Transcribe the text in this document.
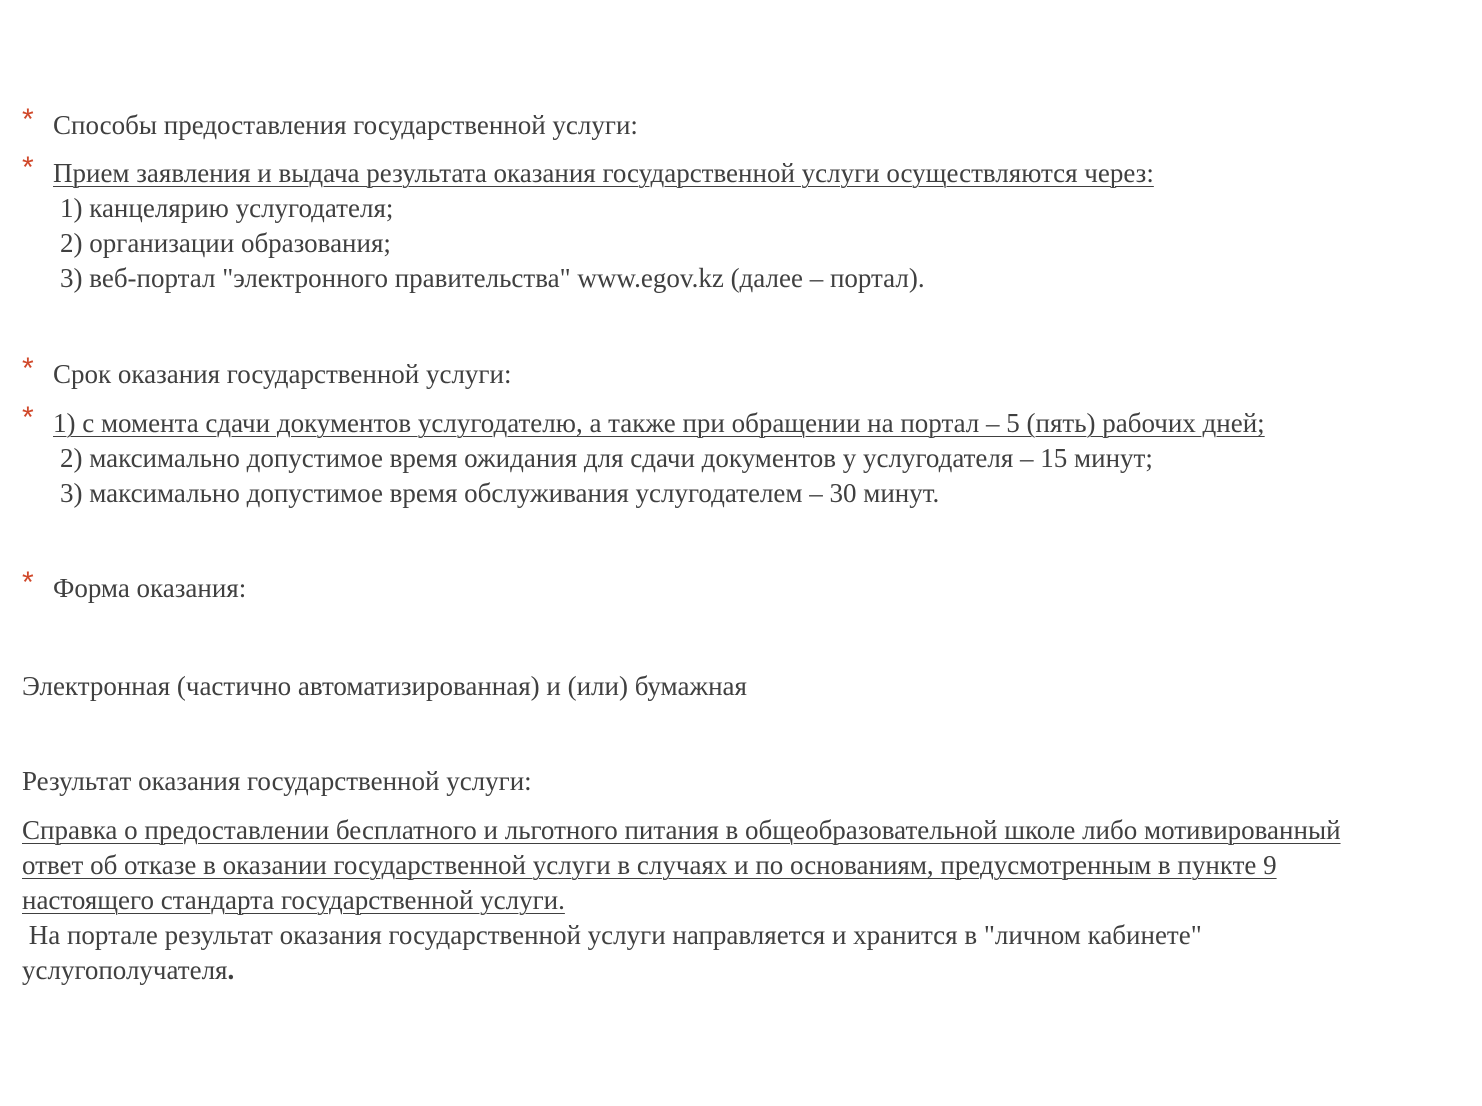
* Способы предоставления государственной услуги:
* Прием заявления и выдача результата оказания государственной услуги осуществляются через:
1) канцелярию услугодателя;
2) организации образования;
3) веб-портал "электронного правительства" www.egov.kz (далее – портал).
* Срок оказания государственной услуги:
* 1) с момента сдачи документов услугодателю, а также при обращении на портал – 5 (пять) рабочих дней;
2) максимально допустимое время ожидания для сдачи документов у услугодателя – 15 минут;
3) максимально допустимое время обслуживания услугодателем – 30 минут.
* Форма оказания:
Электронная (частично автоматизированная) и (или) бумажная
Результат оказания государственной услуги:
Справка о предоставлении бесплатного и льготного питания в общеобразовательной школе либо мотивированный
ответ об отказе в оказании государственной услуги в случаях и по основаниям, предусмотренным в пункте 9
настоящего стандарта государственной услуги.
На портале результат оказания государственной услуги направляется и хранится в "личном кабинете"
услугополучателя.
